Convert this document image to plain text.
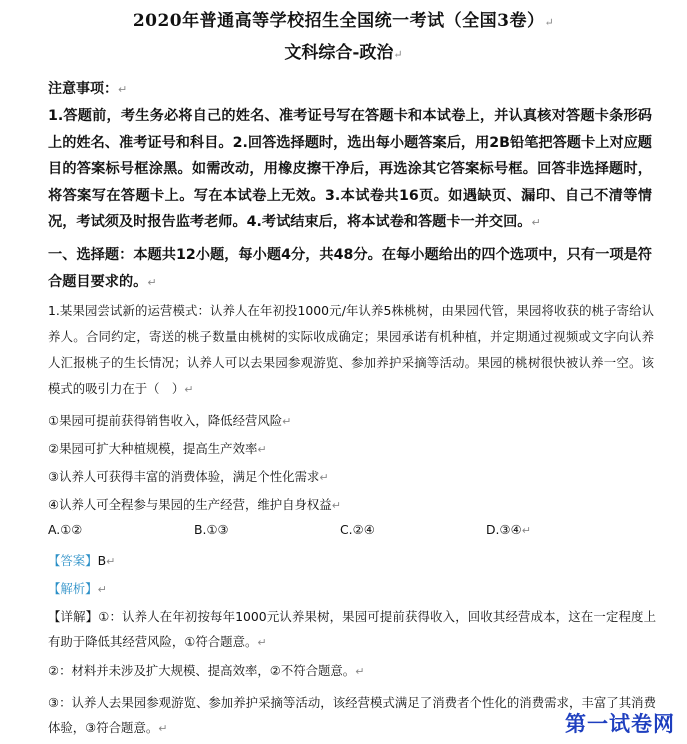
2020年普通高等学校招生全国统一考试（全国3卷）↵
文科综合-政治↵
注意事项：↵
1.答题前，考生务必将自己的姓名、准考证号写在答题卡和本试卷上，并认真核对答题卡条形码上的姓名、准考证号和科目。2.回答选择题时，选出每小题答案后，用2B铅笔把答题卡上对应题目的答案标号框涂黑。如需改动，用橡皮擦干净后，再选涂其它答案标号框。回答非选择题时，将答案写在答题卡上。写在本试卷上无效。3.本试卷共16页。如遇缺页、漏印、自己不清等情况，考试须及时报告监考老师。4.考试结束后，将本试卷和答题卡一并交回。↵
一、选择题：本题共12小题，每小题4分，共48分。在每小题给出的四个选项中，只有一项是符合题目要求的。↵
1.某果园尝试新的运营模式：认养人在年初投1000元/年认养5株桃树，由果园代管，果园将收获的桃子寄给认养人。合同约定，寄送的桃子数量由桃树的实际收成确定；果园承诺有机种植，并定期通过视频或文字向认养人汇报桃子的生长情况；认养人可以去果园参观游览、参加养护采摘等活动。果园的桃树很快被认养一空。该模式的吸引力在于（　）↵
①果园可提前获得销售收入，降低经营风险↵
②果园可扩大种植规模，提高生产效率↵
③认养人可获得丰富的消费体验，满足个性化需求↵
④认养人可全程参与果园的生产经营，维护自身权益↵
A.①②	B.①③	C.②④	D.③④↵
【答案】B↵
【解析】↵
【详解】①：认养人在年初按每年1000元认养果树，果园可提前获得收入，回收其经营成本，这在一定程度上有助于降低其经营风险，①符合题意。↵
②：材料并未涉及扩大规模、提高效率，②不符合题意。↵
③：认养人去果园参观游览、参加养护采摘等活动，该经营模式满足了消费者个性化的消费需求，丰富了其消费体验，③符合题意。↵	第一试卷网
